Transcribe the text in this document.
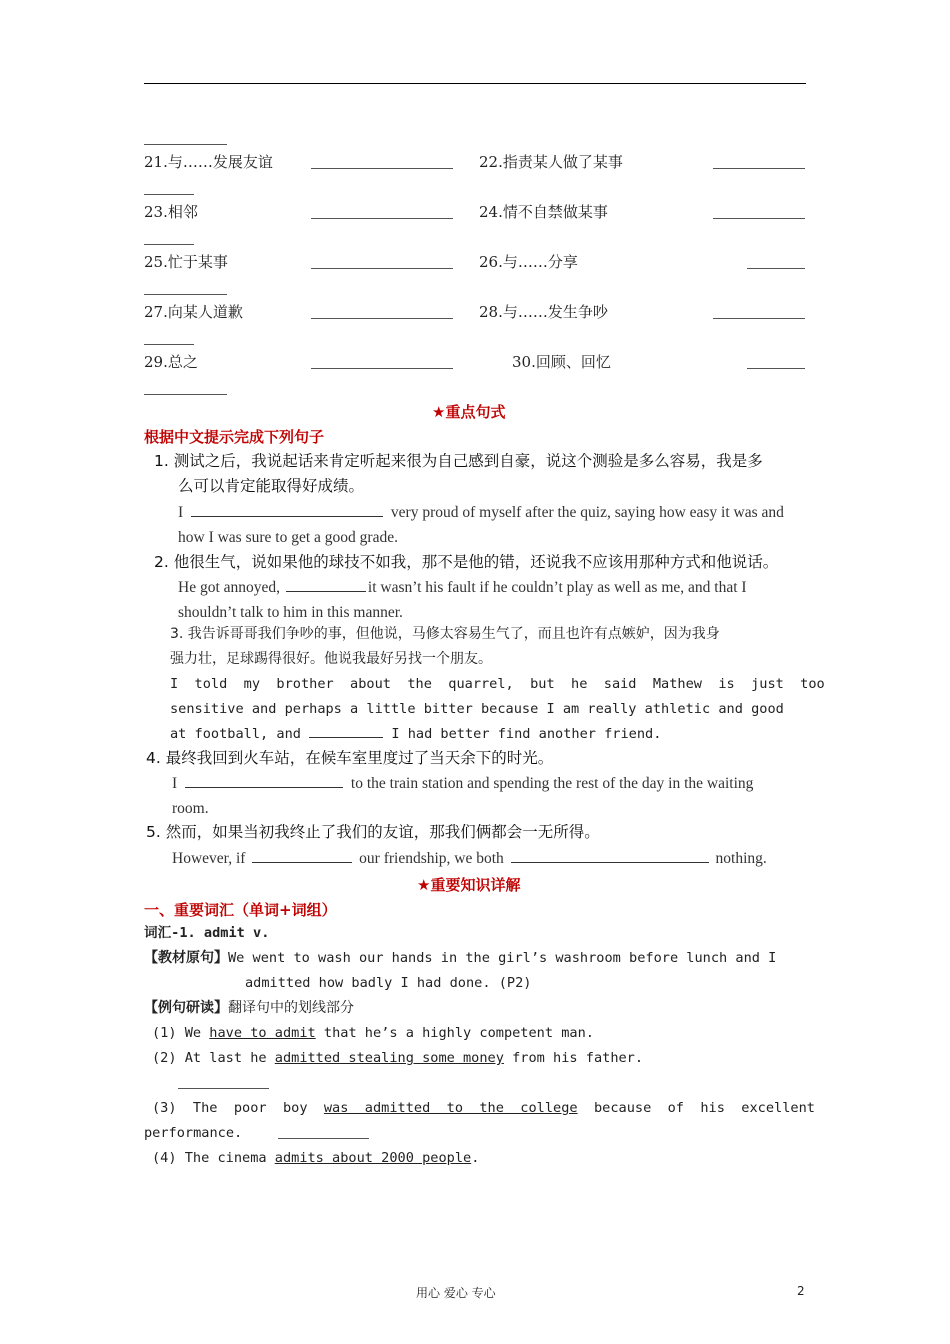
21.与……发展友谊	22.指责某人做了某事
23.相邻	24.情不自禁做某事
25.忙于某事	26.与……分享
27.向某人道歉	28.与……发生争吵
29.总之	30.回顾、回忆
★重点句式
根据中文提示完成下列句子
1. 测试之后，我说起话来肯定听起来很为自己感到自豪，说这个测验是多么容易，我是多
么可以肯定能取得好成绩。
I	very proud of myself after the quiz, saying how easy it was and
how I was sure to get a good grade.
2. 他很生气，说如果他的球技不如我，那不是他的错，还说我不应该用那种方式和他说话。
He got annoyed,	it wasn’t his fault if he couldn’t play as well as me, and that I
shouldn’t talk to him in this manner.
3. 我告诉哥哥我们争吵的事，但他说，马修太容易生气了，而且也许有点嫉妒，因为我身
强力壮，足球踢得很好。他说我最好另找一个朋友。
I  told  my  brother  about  the  quarrel,  but  he  said  Mathew  is  just  too
sensitive and perhaps a little bitter because I am really athletic and good
at football, and	I had better find another friend.
4. 最终我回到火车站，在候车室里度过了当天余下的时光。
I	to the train station and spending the rest of the day in the waiting
room.
5. 然而，如果当初我终止了我们的友谊，那我们俩都会一无所得。
However, if	our friendship, we both	nothing.
★重要知识详解
一、重要词汇（单词+词组）
词汇-1. admit v.
【教材原句】We went to wash our hands in the girl’s washroom before lunch and I
admitted how badly I had done. (P2)
【例句研读】翻译句中的划线部分
(1) We have to admit that he’s a highly competent man.
(2) At last he admitted stealing some money from his father.
(3)  The  poor  boy  was  admitted  to  the  college  because  of  his  excellent
performance.
(4) The cinema admits about 2000 people.
用心 爱心 专心	2
